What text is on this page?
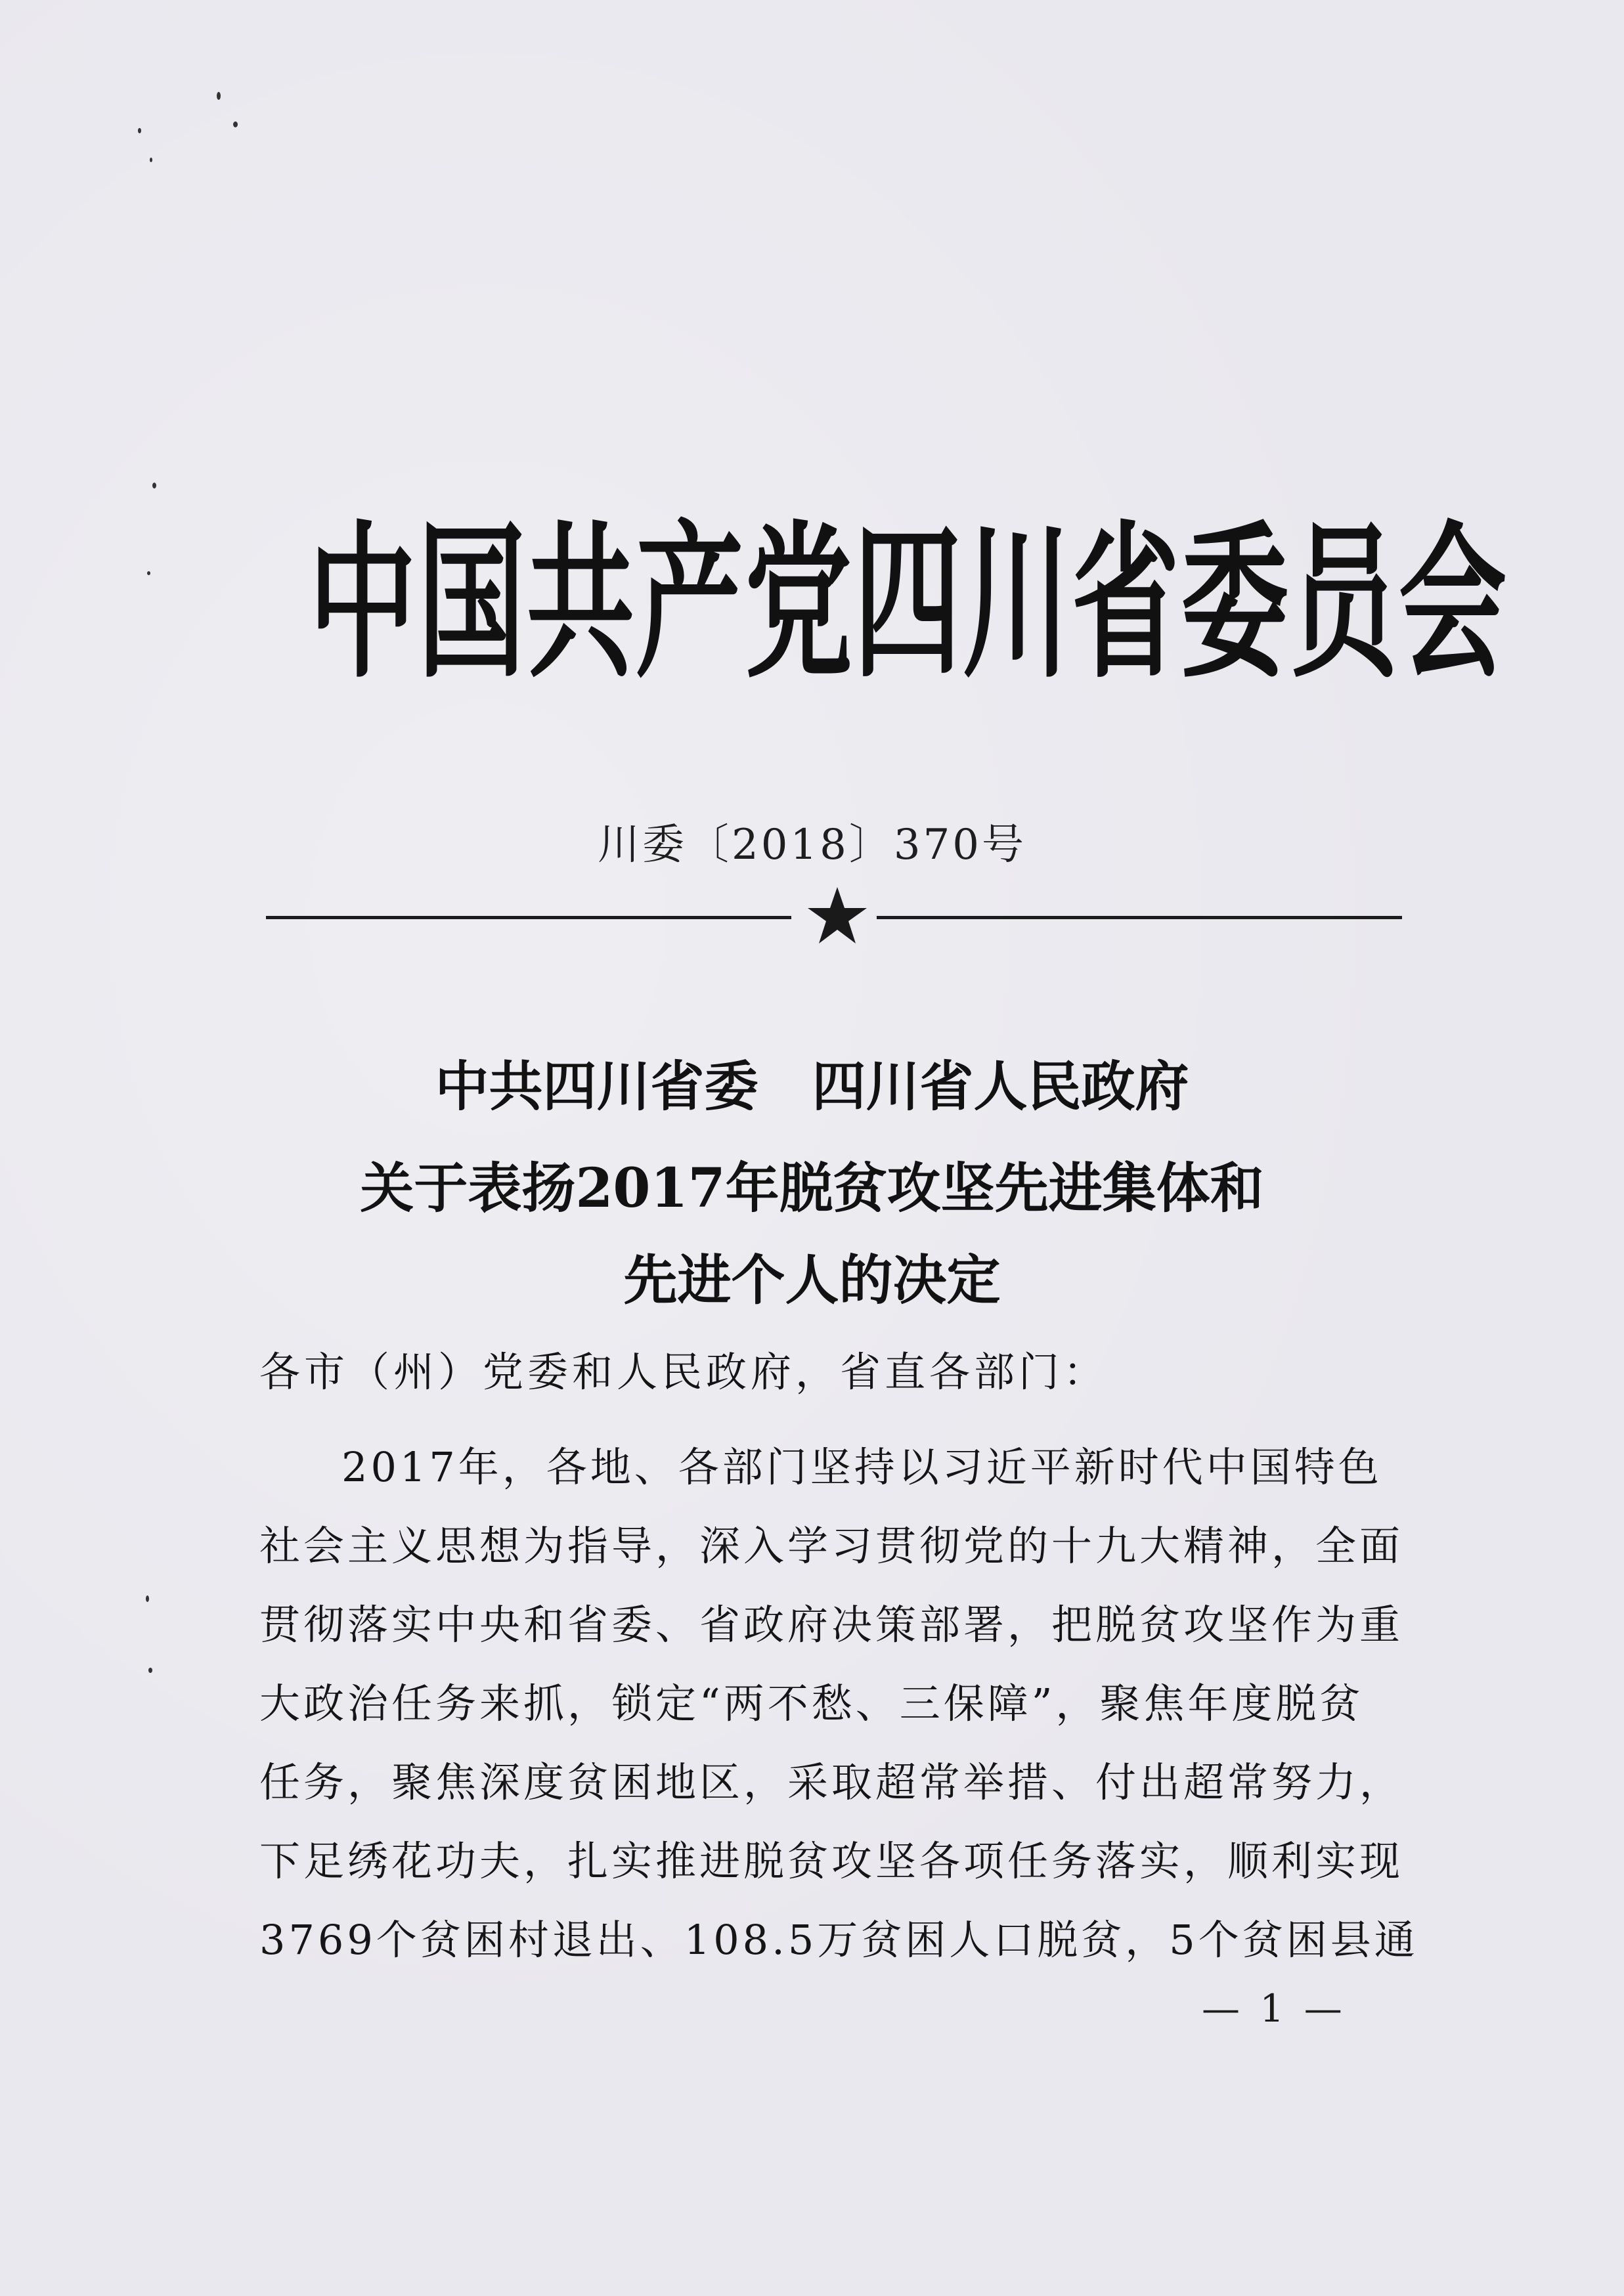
中国共产党四川省委员会
川委〔2018〕370号
中共四川省委　四川省人民政府
关于表扬2017年脱贫攻坚先进集体和
先进个人的决定
各市（州）党委和人民政府，省直各部门：
2017年，各地、各部门坚持以习近平新时代中国特色
社会主义思想为指导，深入学习贯彻党的十九大精神，全面
贯彻落实中央和省委、省政府决策部署，把脱贫攻坚作为重
大政治任务来抓，锁定“两不愁、三保障”，聚焦年度脱贫
任务，聚焦深度贫困地区，采取超常举措、付出超常努力，
下足绣花功夫，扎实推进脱贫攻坚各项任务落实，顺利实现
3769个贫困村退出、108.5万贫困人口脱贫，5个贫困县通
— 1 —
